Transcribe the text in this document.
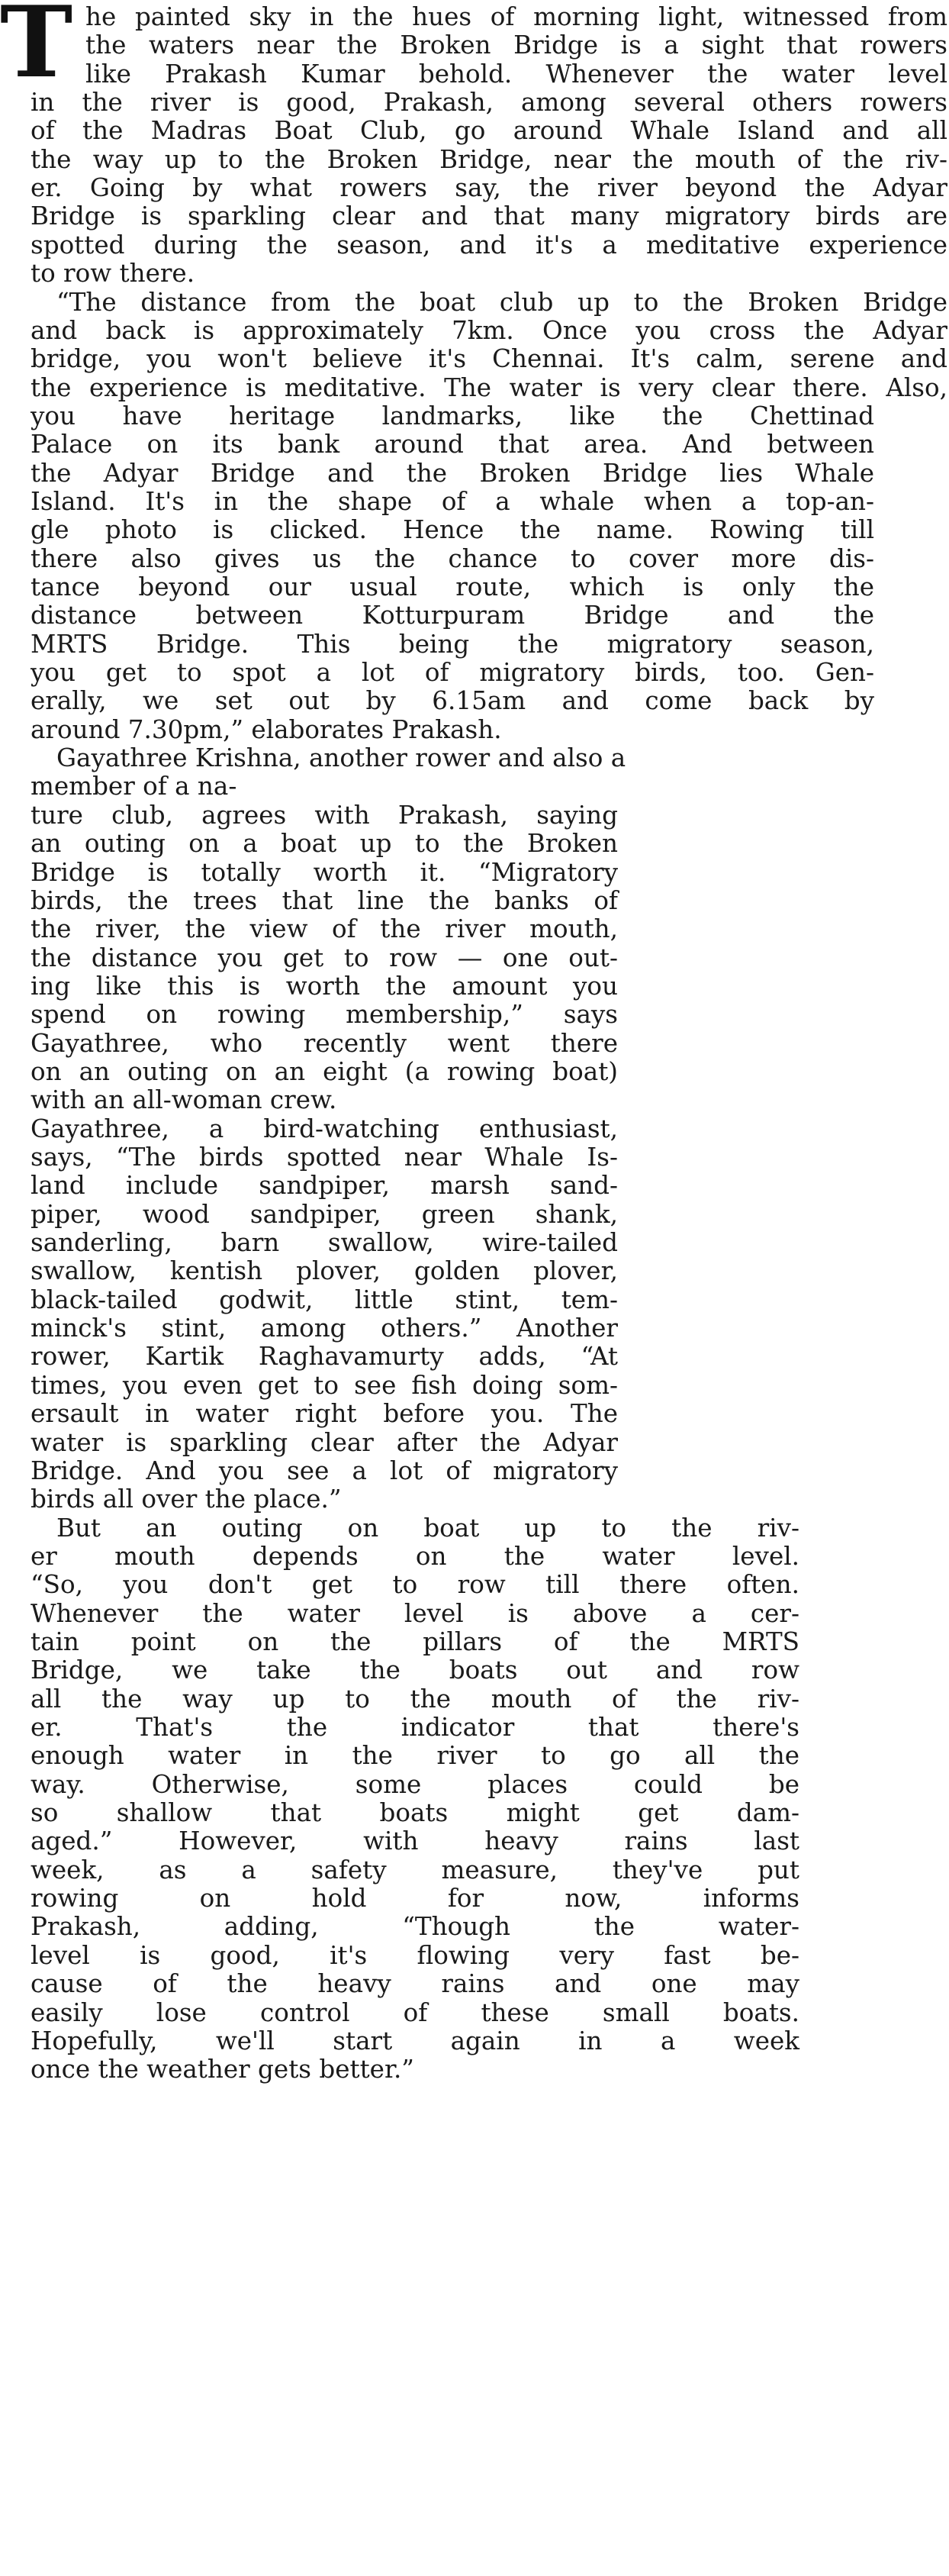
T he painted sky in the hues of morning light, witnessed from
the waters near the Broken Bridge is a sight that rowers
like Prakash Kumar behold. Whenever the water level
in the river is good, Prakash, among several others rowers
of the Madras Boat Club, go around Whale Island and all
the way up to the Broken Bridge, near the mouth of the riv-
er. Going by what rowers say, the river beyond the Adyar
Bridge is sparkling clear and that many migratory birds are
spotted during the season, and it's a meditative experience
to row there.
“The distance from the boat club up to the Broken Bridge
and back is approximately 7km. Once you cross the Adyar
bridge, you won't believe it's Chennai. It's calm, serene and
the experience is meditative. The water is very clear there. Also,
you have heritage landmarks, like the Chettinad
Palace on its bank around that area. And between
the Adyar Bridge and the Broken Bridge lies Whale
Island. It's in the shape of a whale when a top-an-
gle photo is clicked. Hence the name. Rowing till
there also gives us the chance to cover more dis-
tance beyond our usual route, which is only the
distance between Kotturpuram Bridge and the
MRTS Bridge. This being the migratory season,
you get to spot a lot of migratory birds, too. Gen-
erally, we set out by 6.15am and come back by
around 7.30pm,” elaborates Prakash.
Gayathree Krishna, another rower and also a
member of a na-
ture club, agrees with Prakash, saying
an outing on a boat up to the Broken
Bridge is totally worth it. “Migratory
birds, the trees that line the banks of
the river, the view of the river mouth,
the distance you get to row — one out-
ing like this is worth the amount you
spend on rowing membership,” says
Gayathree, who recently went there
on an outing on an eight (a rowing boat)
with an all-woman crew.
Gayathree, a bird-watching enthusiast,
says, “The birds spotted near Whale Is-
land include sandpiper, marsh sand-
piper, wood sandpiper, green shank,
sanderling, barn swallow, wire-tailed
swallow, kentish plover, golden plover,
black-tailed godwit, little stint, tem-
minck's stint, among others.” Another
rower, Kartik Raghavamurty adds, “At
times, you even get to see fish doing som-
ersault in water right before you. The
water is sparkling clear after the Adyar
Bridge. And you see a lot of migratory
birds all over the place.”
But an outing on boat up to the riv-
er mouth depends on the water level.
“So, you don't get to row till there often.
Whenever the water level is above a cer-
tain point on the pillars of the MRTS
Bridge, we take the boats out and row
all the way up to the mouth of the riv-
er. That's the indicator that there's
enough water in the river to go all the
way. Otherwise, some places could be
so shallow that boats might get dam-
aged.” However, with heavy rains last
week, as a safety measure, they've put
rowing on hold for now, informs
Prakash, adding, “Though the water-
level is good, it's flowing very fast be-
cause of the heavy rains and one may
easily lose control of these small boats.
Hopefully, we'll start again in a week
once the weather gets better.”
